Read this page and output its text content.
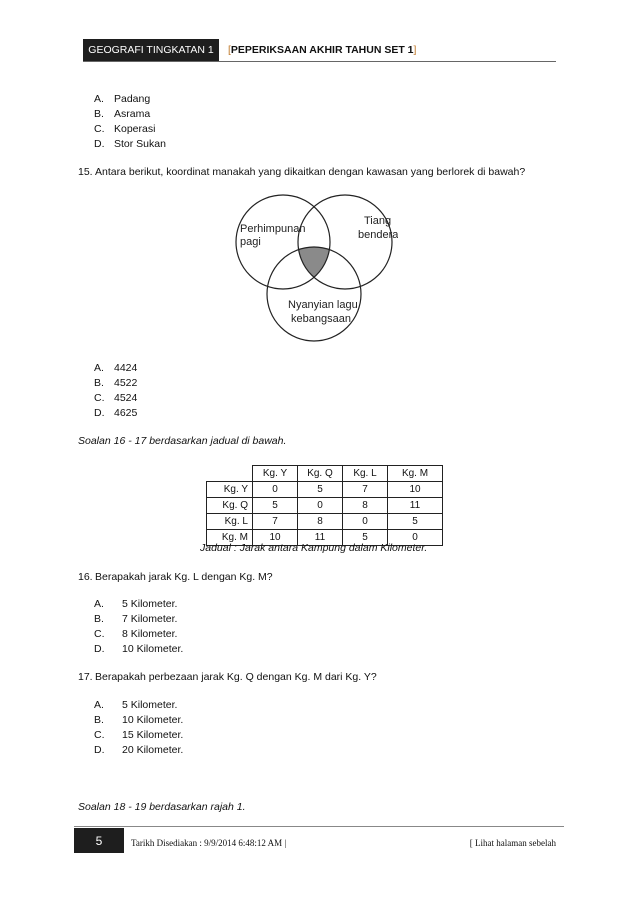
GEOGRAFI TINGKATAN 1 [PEPERIKSAAN AKHIR TAHUN SET 1]
A. Padang
B. Asrama
C. Koperasi
D. Stor Sukan
15. Antara berikut, koordinat manakah yang dikaitkan dengan kawasan yang berlorek di bawah?
Perhimpunan
pagi
Tiang
bendera
Nyanyian lagu
kebangsaan
A. 4424
B. 4522
C. 4524
D. 4625
Soalan 16 - 17 berdasarkan jadual di bawah.
	Kg. Y	Kg. Q	Kg. L	Kg. M
Kg. Y	0	5	7	10
Kg. Q	5	0	8	11
Kg. L	7	8	0	5
Kg. M	10	11	5	0
Jadual : Jarak antara Kampung dalam Kilometer.
16. Berapakah jarak Kg. L dengan Kg. M?
A.	5 Kilometer.
B.	7 Kilometer.
C.	8 Kilometer.
D.	10 Kilometer.
17. Berapakah perbezaan jarak Kg. Q dengan Kg. M dari Kg. Y?
A.	5 Kilometer.
B.	10 Kilometer.
C.	15 Kilometer.
D.	20 Kilometer.
Soalan 18 - 19 berdasarkan rajah 1.
5	Tarikh Disediakan : 9/9/2014 6:48:12 AM |	[ Lihat halaman sebelah
